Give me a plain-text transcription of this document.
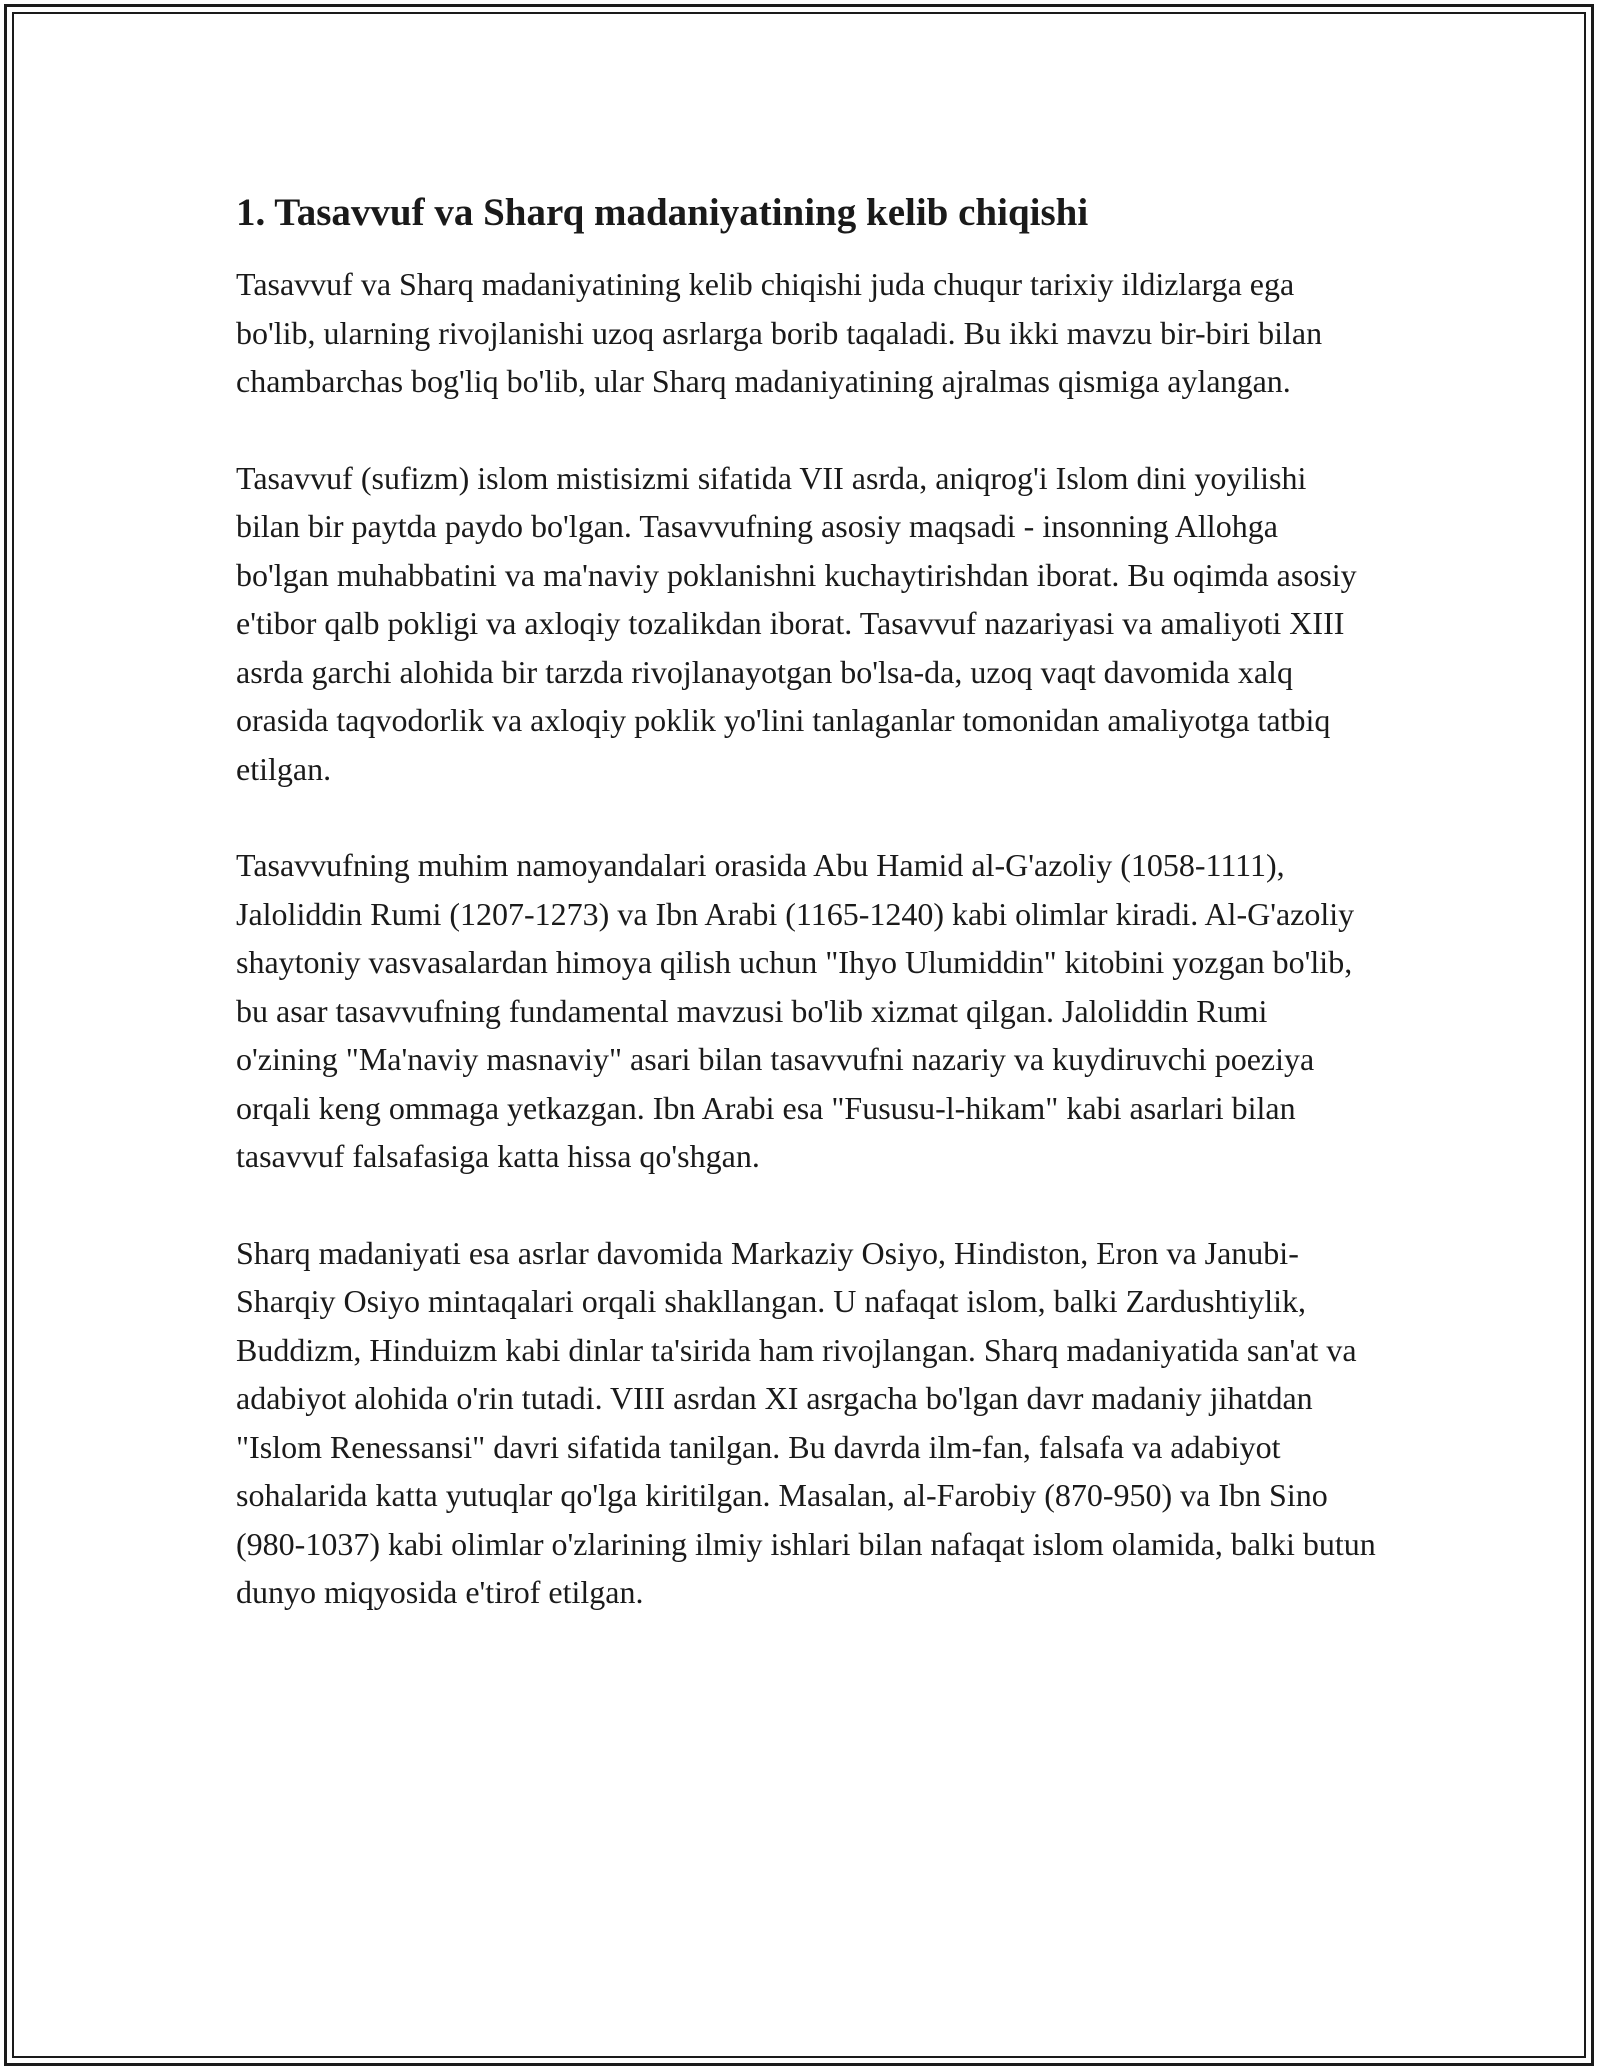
1. Tasavvuf va Sharq madaniyatining kelib chiqishi

Tasavvuf va Sharq madaniyatining kelib chiqishi juda chuqur tarixiy ildizlarga ega bo'lib, ularning rivojlanishi uzoq asrlarga borib taqaladi. Bu ikki mavzu bir-biri bilan chambarchas bog'liq bo'lib, ular Sharq madaniyatining ajralmas qismiga aylangan.

Tasavvuf (sufizm) islom mistisizmi sifatida VII asrda, aniqrog'i Islom dini yoyilishi bilan bir paytda paydo bo'lgan. Tasavvufning asosiy maqsadi - insonning Allohga bo'lgan muhabbatini va ma'naviy poklanishni kuchaytirishdan iborat. Bu oqimda asosiy e'tibor qalb pokligi va axloqiy tozalikdan iborat. Tasavvuf nazariyasi va amaliyoti XIII asrda garchi alohida bir tarzda rivojlanayotgan bo'lsa-da, uzoq vaqt davomida xalq orasida taqvodorlik va axloqiy poklik yo'lini tanlaganlar tomonidan amaliyotga tatbiq etilgan.

Tasavvufning muhim namoyandalari orasida Abu Hamid al-G'azoliy (1058-1111), Jaloliddin Rumi (1207-1273) va Ibn Arabi (1165-1240) kabi olimlar kiradi. Al-G'azoliy shaytoniy vasvasalardan himoya qilish uchun "Ihyo Ulumiddin" kitobini yozgan bo'lib, bu asar tasavvufning fundamental mavzusi bo'lib xizmat qilgan. Jaloliddin Rumi o'zining "Ma'naviy masnaviy" asari bilan tasavvufni nazariy va kuydiruvchi poeziya orqali keng ommaga yetkazgan. Ibn Arabi esa "Fususu-l-hikam" kabi asarlari bilan tasavvuf falsafasiga katta hissa qo'shgan.

Sharq madaniyati esa asrlar davomida Markaziy Osiyo, Hindiston, Eron va Janubi-Sharqiy Osiyo mintaqalari orqali shakllangan. U nafaqat islom, balki Zardushtiylik, Buddizm, Hinduizm kabi dinlar ta'sirida ham rivojlangan. Sharq madaniyatida san'at va adabiyot alohida o'rin tutadi. VIII asrdan XI asrgacha bo'lgan davr madaniy jihatdan "Islom Renessansi" davri sifatida tanilgan. Bu davrda ilm-fan, falsafa va adabiyot sohalarida katta yutuqlar qo'lga kiritilgan. Masalan, al-Farobiy (870-950) va Ibn Sino (980-1037) kabi olimlar o'zlarining ilmiy ishlari bilan nafaqat islom olamida, balki butun dunyo miqyosida e'tirof etilgan.
